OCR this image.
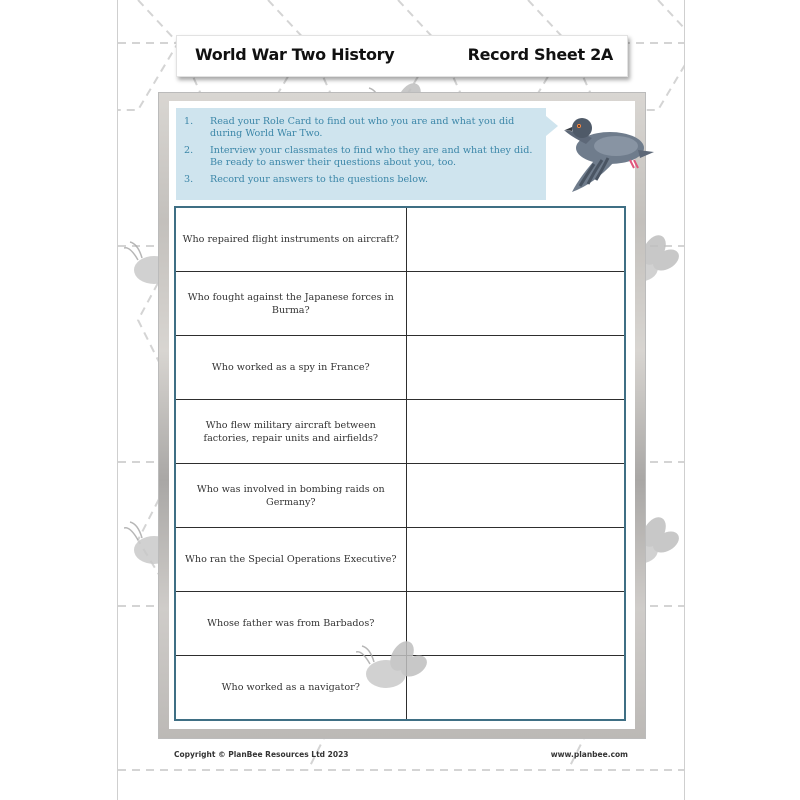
World War Two History	Record Sheet 2A
1.	Read your Role Card to find out who you are and what you did during World War Two.
2.	Interview your classmates to find who they are and what they did. Be ready to answer their questions about you, too.
3.	Record your answers to the questions below.
Who repaired flight instruments on aircraft?	
Who fought against the Japanese forces in Burma?	
Who worked as a spy in France?	
Who flew military aircraft between factories, repair units and airfields?	
Who was involved in bombing raids on Germany?	
Who ran the Special Operations Executive?	
Whose father was from Barbados?	
Who worked as a navigator?	
Copyright © PlanBee Resources Ltd 2023	www.planbee.com
